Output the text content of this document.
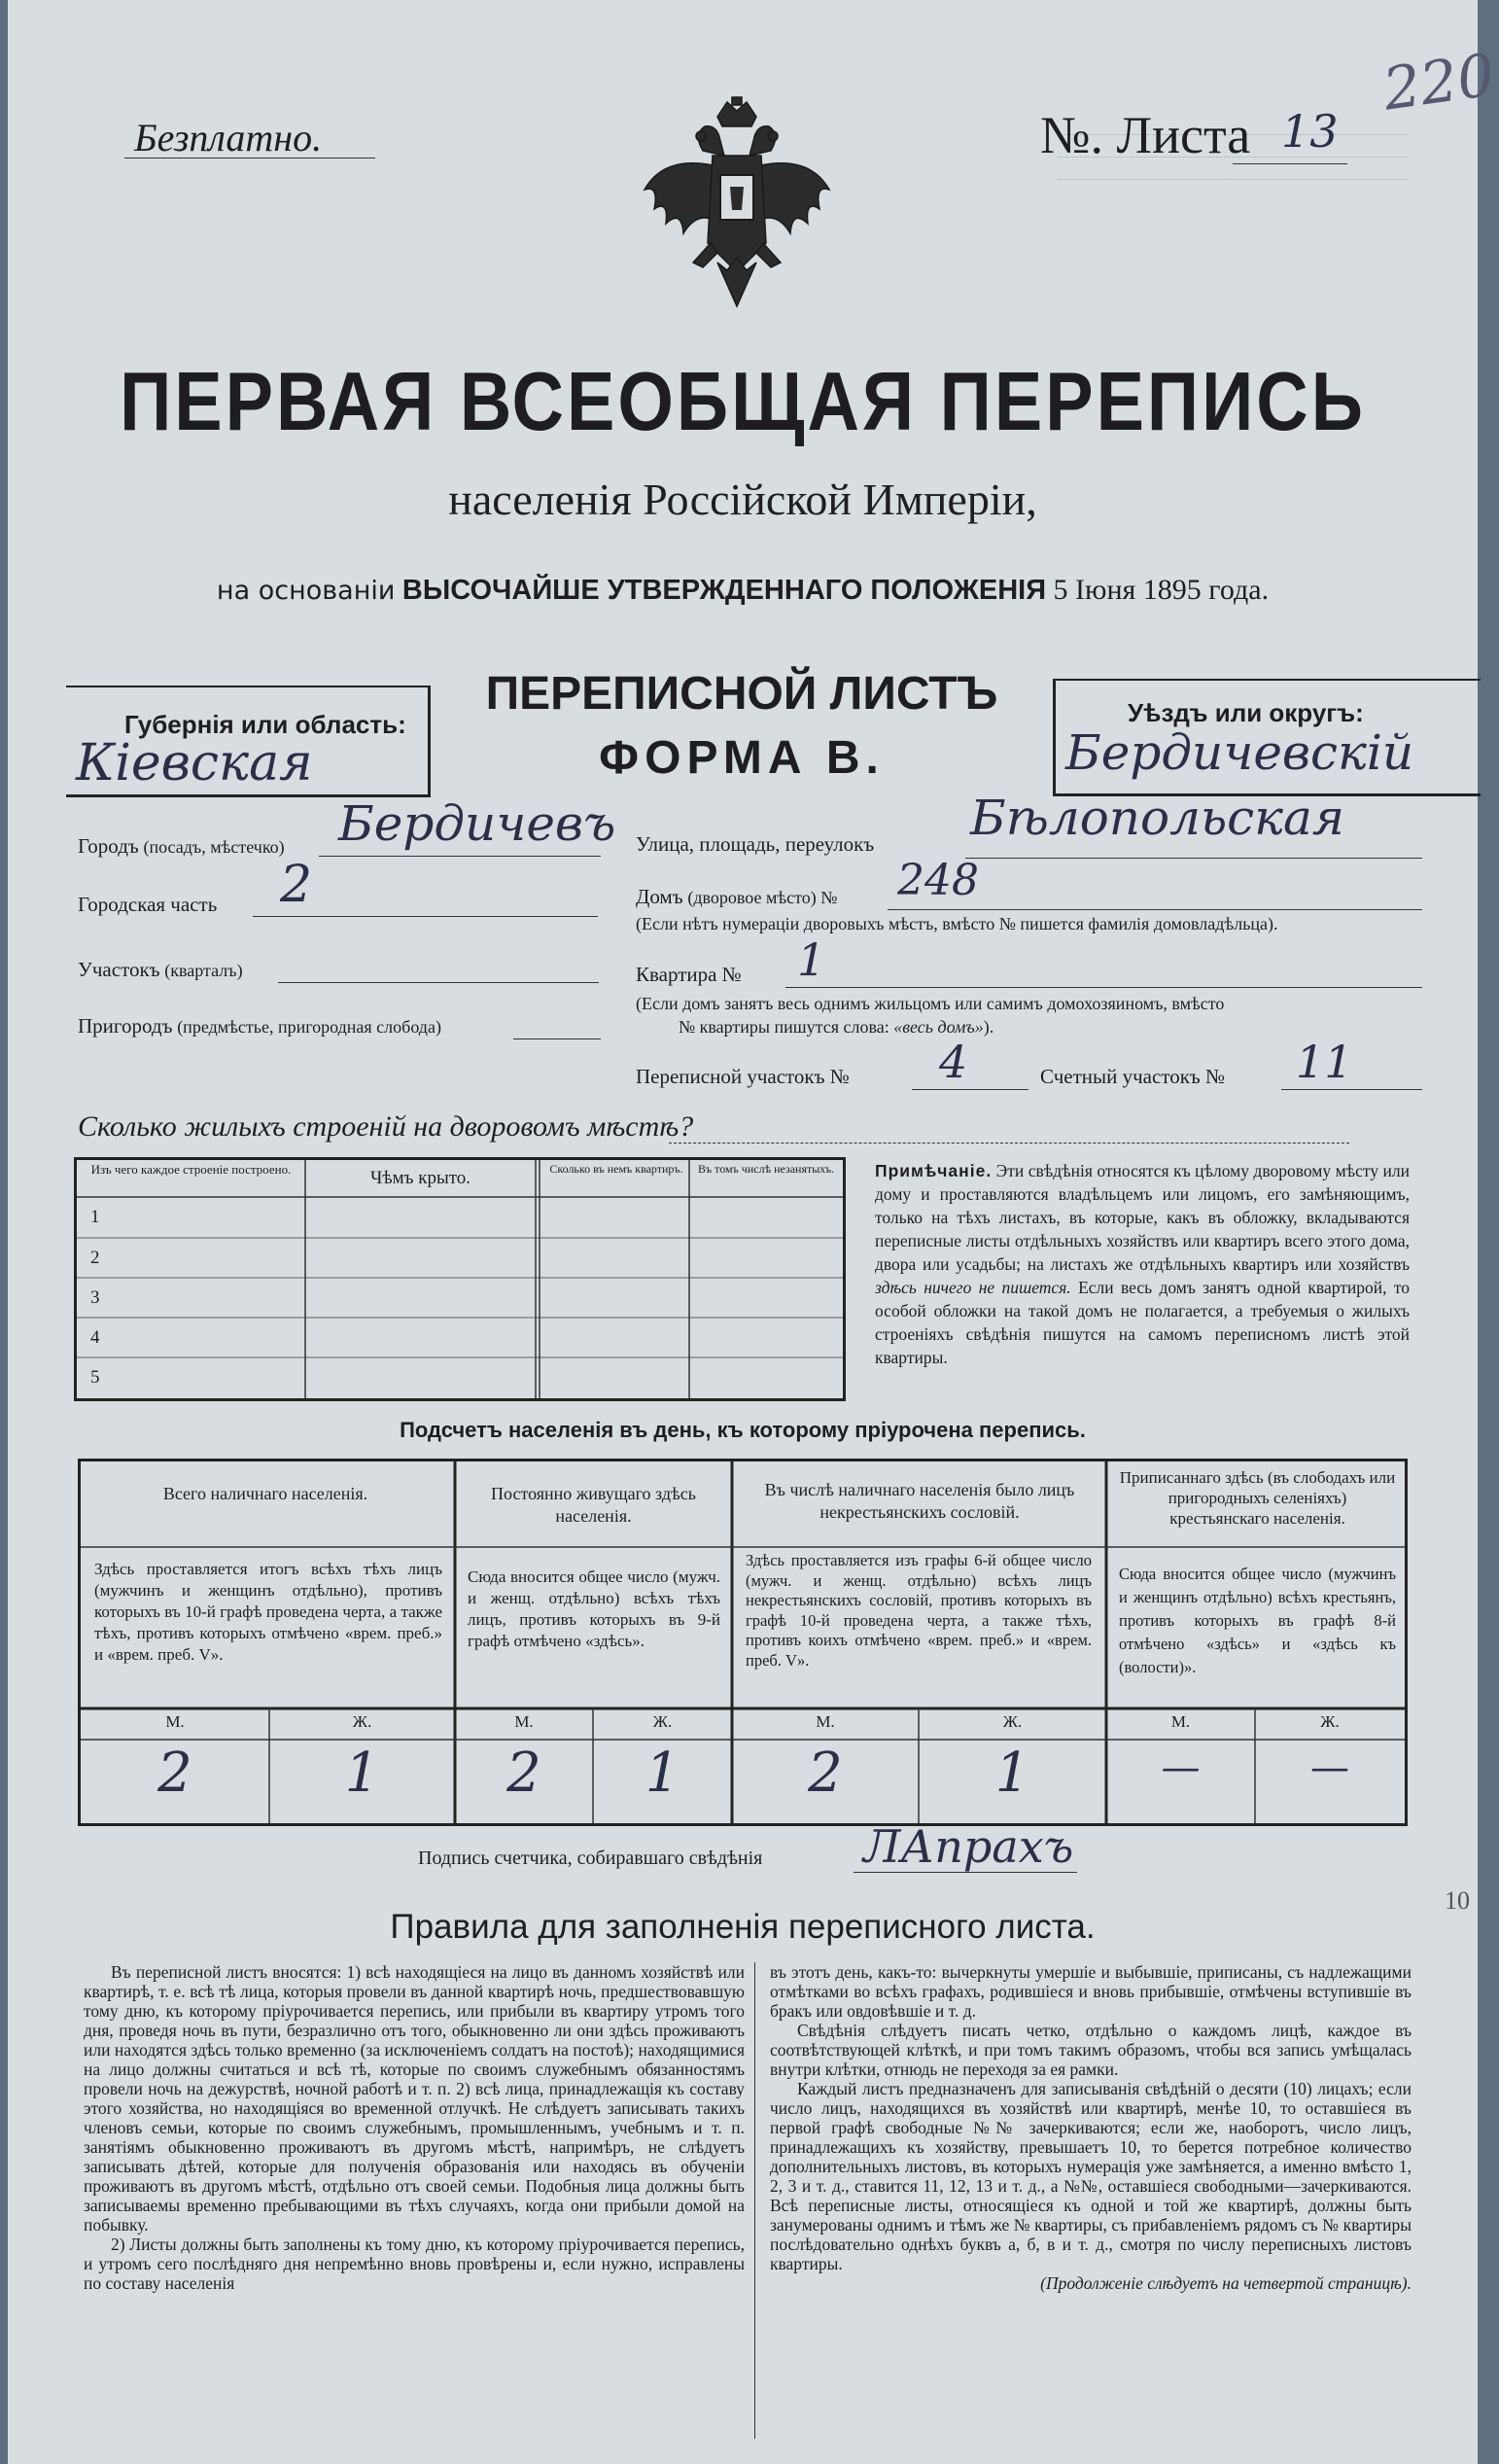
Безплатно.	№. Листа 13
220
ПЕРВАЯ ВСЕОБЩАЯ ПЕРЕПИСЬ
населенія Россійской Имперіи,
на основаніи ВЫСОЧАЙШЕ УТВЕРЖДЕННАГО ПОЛОЖЕНІЯ 5 Іюня 1895 года.
ПЕРЕПИСНОЙ ЛИСТЪ
ФОРМА В.
Губернія или область:
Кіевская
Уѣздъ или округъ:
Бердичевскій
Городъ (посадъ, мѣстечко) Бердичевъ
Городская часть 2
Участокъ (кварталъ)
Пригородъ (предмѣстье, пригородная слобода)
Улица, площадь, переулокъ Бѣлопольская
Домъ (дворовое мѣсто) № 248
(Если нѣтъ нумераціи дворовыхъ мѣстъ, вмѣсто № пишется фамилія домовладѣльца).
Квартира № 1
(Если домъ занятъ весь однимъ жильцомъ или самимъ домохозяиномъ, вмѣсто
№ квартиры пишутся слова: «весь домъ»).
Переписной участокъ № 4	Счетный участокъ № 11
Сколько жилыхъ строеній на дворовомъ мѣстѣ?
Изъ чего каждое строеніе построено.	Чѣмъ крыто.	Сколько въ немъ квартиръ.	Въ томъ числѣ незанятыхъ.
1
2
3
4
5
Примѣчаніе. Эти свѣдѣнія относятся къ цѣлому дворовому мѣсту или дому и проставляются владѣльцемъ или лицомъ, его замѣняющимъ, только на тѣхъ листахъ, въ которые, какъ въ обложку, вкладываются переписные листы отдѣльныхъ хозяйствъ или квартиръ всего этого дома, двора или усадьбы; на листахъ же отдѣльныхъ квартиръ или хозяйствъ здѣсь ничего не пишется. Если весь домъ занятъ одной квартирой, то особой обложки на такой домъ не полагается, а требуемыя о жилыхъ строеніяхъ свѣдѣнія пишутся на самомъ переписномъ листѣ этой квартиры.
Подсчетъ населенія въ день, къ которому пріурочена перепись.
Всего наличнаго населенія.
Здѣсь проставляется итогъ всѣхъ тѣхъ лицъ (мужчинъ и женщинъ отдѣльно), противъ которыхъ въ 10-й графѣ проведена черта, а также тѣхъ, противъ которыхъ отмѣчено «врем. преб.» и «врем. преб. V».
М.	Ж.
2	1
Постоянно живущаго здѣсь населенія.
Сюда вносится общее число (мужч. и женщ. отдѣльно) всѣхъ тѣхъ лицъ, противъ которыхъ въ 9-й графѣ отмѣчено «здѣсь».
М.	Ж.
2	1
Въ числѣ наличнаго населенія было лицъ некрестьянскихъ сословій.
Здѣсь проставляется изъ графы 6-й общее число (мужч. и женщ. отдѣльно) всѣхъ лицъ некрестьянскихъ сословій, противъ которыхъ въ графѣ 10-й проведена черта, а также тѣхъ, противъ коихъ отмѣчено «врем. преб.» и «врем. преб. V».
М.	Ж.
2	1
Приписаннаго здѣсь (въ слободахъ или пригородныхъ селеніяхъ) крестьянскаго населенія.
Сюда вносится общее число (мужчинъ и женщинъ отдѣльно) всѣхъ крестьянъ, противъ которыхъ въ графѣ 8-й отмѣчено «здѣсь» и «здѣсь къ (волости)».
М.	Ж.
—	—
Подпись счетчика, собиравшаго свѣдѣнія ЛАпрахъ
10
Правила для заполненія переписного листа.

Въ переписной листъ вносятся: 1) всѣ находящіеся на лицо въ данномъ хозяйствѣ или квартирѣ, т. е. всѣ тѣ лица, которыя провели въ данной квартирѣ ночь, предшествовавшую тому дню, къ которому пріурочивается перепись, или прибыли въ квартиру утромъ того дня, проведя ночь въ пути, безразлично отъ того, обыкновенно ли они здѣсь проживаютъ или находятся здѣсь только временно (за исключеніемъ солдатъ на постоѣ); находящимися на лицо должны считаться и всѣ тѣ, которые по своимъ служебнымъ обязанностямъ провели ночь на дежурствѣ, ночной работѣ и т. п. 2) всѣ лица, принадлежащія къ составу этого хозяйства, но находящіяся во временной отлучкѣ. Не слѣдуетъ записывать такихъ членовъ семьи, которые по своимъ служебнымъ, промышленнымъ, учебнымъ и т. п. занятіямъ обыкновенно проживаютъ въ другомъ мѣстѣ, напримѣръ, не слѣдуетъ записывать дѣтей, которые для полученія образованія или находясь въ обученіи проживаютъ въ другомъ мѣстѣ, отдѣльно отъ своей семьи. Подобныя лица должны быть записываемы временно пребывающими въ тѣхъ случаяхъ, когда они прибыли домой на побывку.

2) Листы должны быть заполнены къ тому дню, къ которому пріурочивается перепись, и утромъ сего послѣдняго дня непремѣнно вновь провѣрены и, если нужно, исправлены по составу населенія

въ этотъ день, какъ-то: вычеркнуты умершіе и выбывшіе, приписаны, съ надлежащими отмѣтками во всѣхъ графахъ, родившіеся и вновь прибывшіе, отмѣчены вступившіе въ бракъ или овдовѣвшіе и т. д.

Свѣдѣнія слѣдуетъ писать четко, отдѣльно о каждомъ лицѣ, каждое въ соотвѣтствующей клѣткѣ, и при томъ такимъ образомъ, чтобы вся запись умѣщалась внутри клѣтки, отнюдь не переходя за ея рамки.

Каждый листъ предназначенъ для записыванія свѣдѣній о десяти (10) лицахъ; если число лицъ, находящихся въ хозяйствѣ или квартирѣ, менѣе 10, то оставшіеся въ первой графѣ свободные №№ зачеркиваются; если же, наоборотъ, число лицъ, принадлежащихъ къ хозяйству, превышаетъ 10, то берется потребное количество дополнительныхъ листовъ, въ которыхъ нумерація уже замѣняется, а именно вмѣсто 1, 2, 3 и т. д., ставится 11, 12, 13 и т. д., а №№, оставшіеся свободными—зачеркиваются. Всѣ переписные листы, относящіеся къ одной и той же квартирѣ, должны быть занумерованы однимъ и тѣмъ же № квартиры, съ прибавленіемъ рядомъ съ № квартиры послѣдовательно однѣхъ буквъ а, б, в и т. д., смотря по числу переписныхъ листовъ квартиры.

(Продолженіе слѣдуетъ на четвертой страницѣ).
